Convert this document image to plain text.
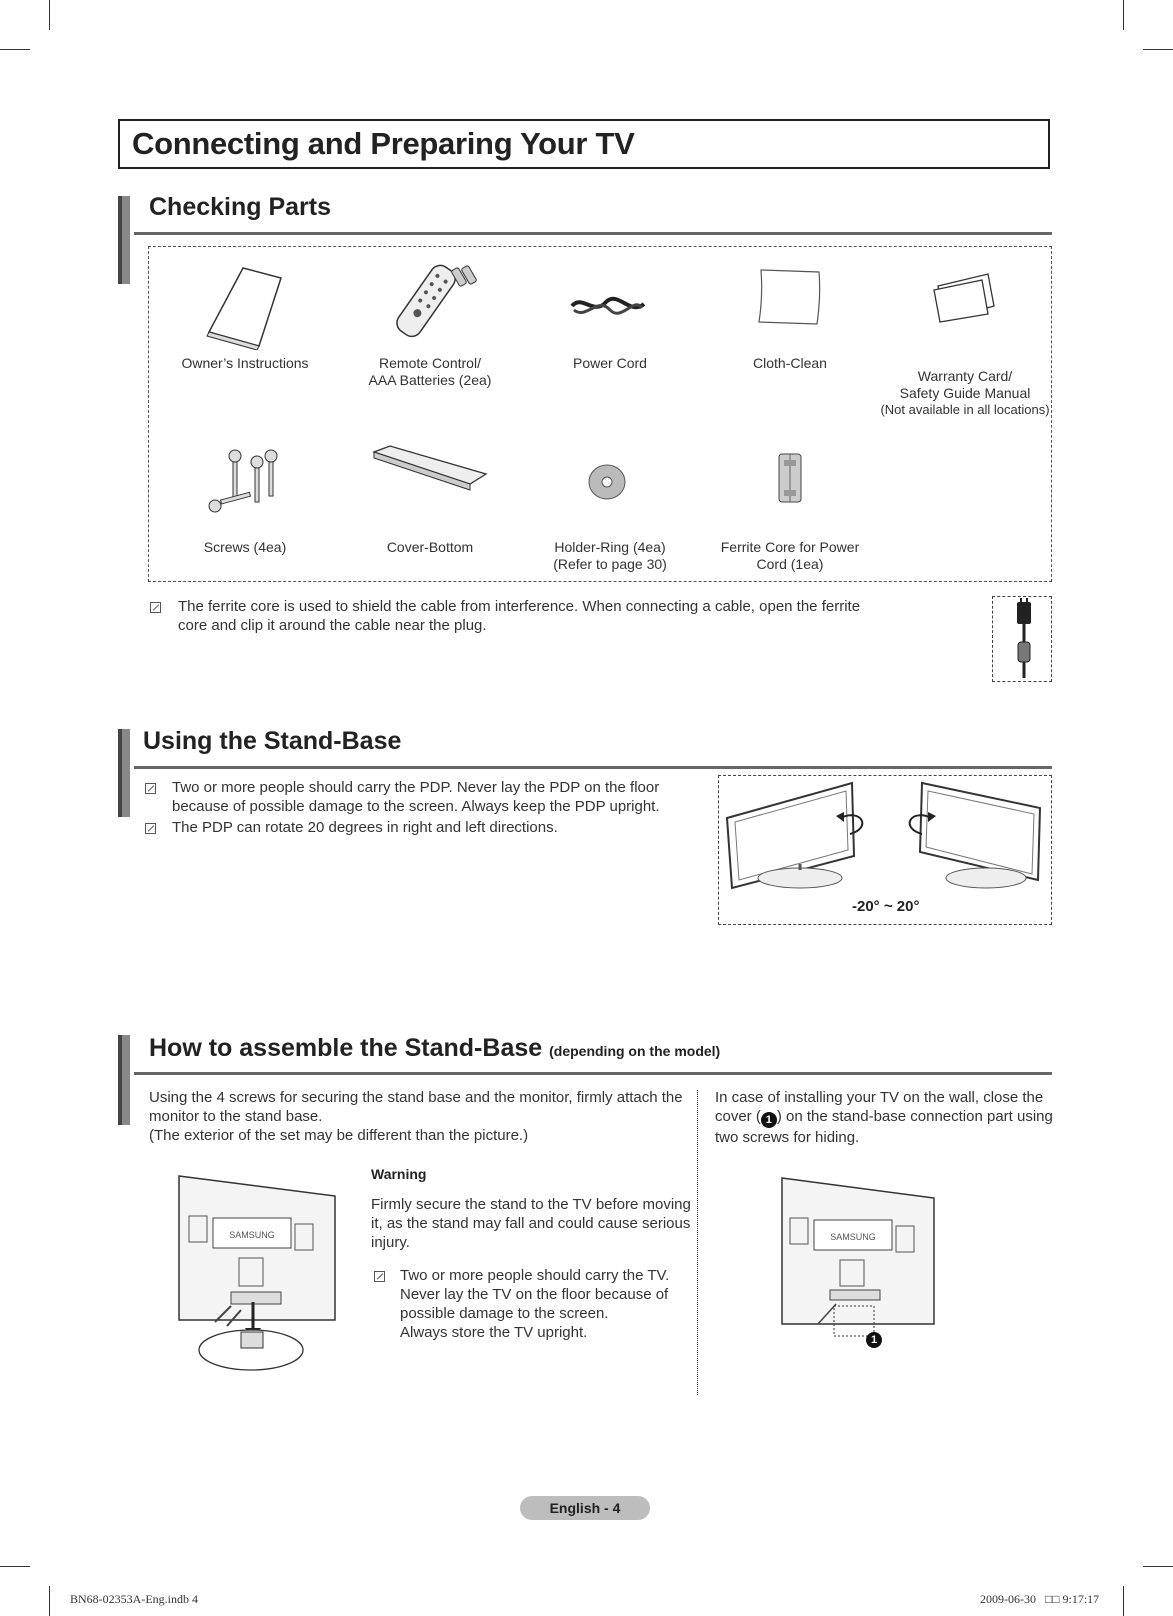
Connecting and Preparing Your TV
Checking Parts
Owner’s Instructions	Remote Control/
AAA Batteries (2ea)
Power Cord	Cloth-Clean
Warranty Card/
Safety Guide Manual
(Not available in all locations)
Screws (4ea)	Cover-Bottom	Holder-Ring (4ea)
(Refer to page 30)
Ferrite Core for Power
Cord (1ea)
The ferrite core is used to shield the cable from interference. When connecting a cable, open the ferrite core and clip it around the cable near the plug.
Using the Stand-Base
Two or more people should carry the PDP. Never lay the PDP on the floor because of possible damage to the screen. Always keep the PDP upright.
The PDP can rotate 20 degrees in right and left directions.
-20° ~ 20°
How to assemble the Stand-Base (depending on the model)
Using the 4 screws for securing the stand base and the monitor, firmly attach the monitor to the stand base.
(The exterior of the set may be different than the picture.)
In case of installing your TV on the wall, close the cover ( 1 ) on the stand-base connection part using two screws for hiding.
SAMSUNG
Warning
Firmly secure the stand to the TV before moving it, as the stand may fall and could cause serious injury.
Two or more people should carry the TV. Never lay the TV on the floor because of possible damage to the screen.
Always store the TV upright.
SAMSUNG
1
English - 4
BN68-02353A-Eng.indb 4	2009-06-30   □□ 9:17:17
